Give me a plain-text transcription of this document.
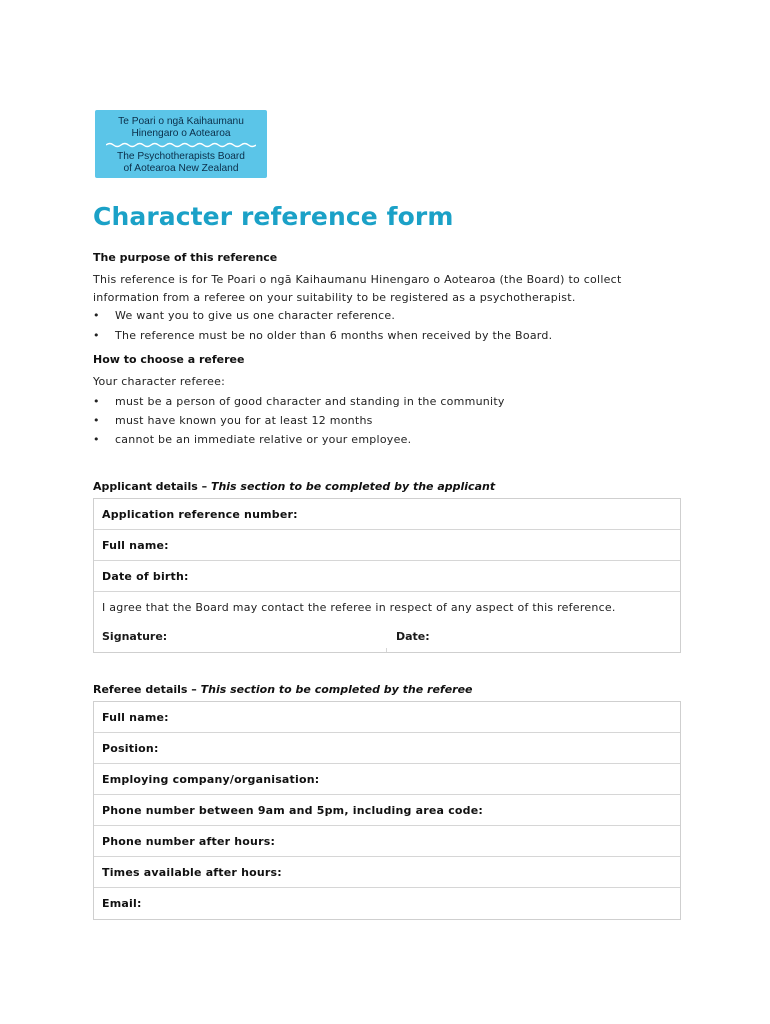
Te Poari o ngā Kaihaumanu
Hinengaro o Aotearoa
The Psychotherapists Board
of Aotearoa New Zealand
Character reference form
The purpose of this reference
This reference is for Te Poari o ngā Kaihaumanu Hinengaro o Aotearoa (the Board) to collect
information from a referee on your suitability to be registered as a psychotherapist.
• We want you to give us one character reference.
• The reference must be no older than 6 months when received by the Board.
How to choose a referee
Your character referee:
• must be a person of good character and standing in the community
• must have known you for at least 12 months
• cannot be an immediate relative or your employee.
Applicant details – This section to be completed by the applicant
Application reference number:
Full name:
Date of birth:
I agree that the Board may contact the referee in respect of any aspect of this reference.
Signature:	Date:
Referee details – This section to be completed by the referee
Full name:
Position:
Employing company/organisation:
Phone number between 9am and 5pm, including area code:
Phone number after hours:
Times available after hours:
Email:
